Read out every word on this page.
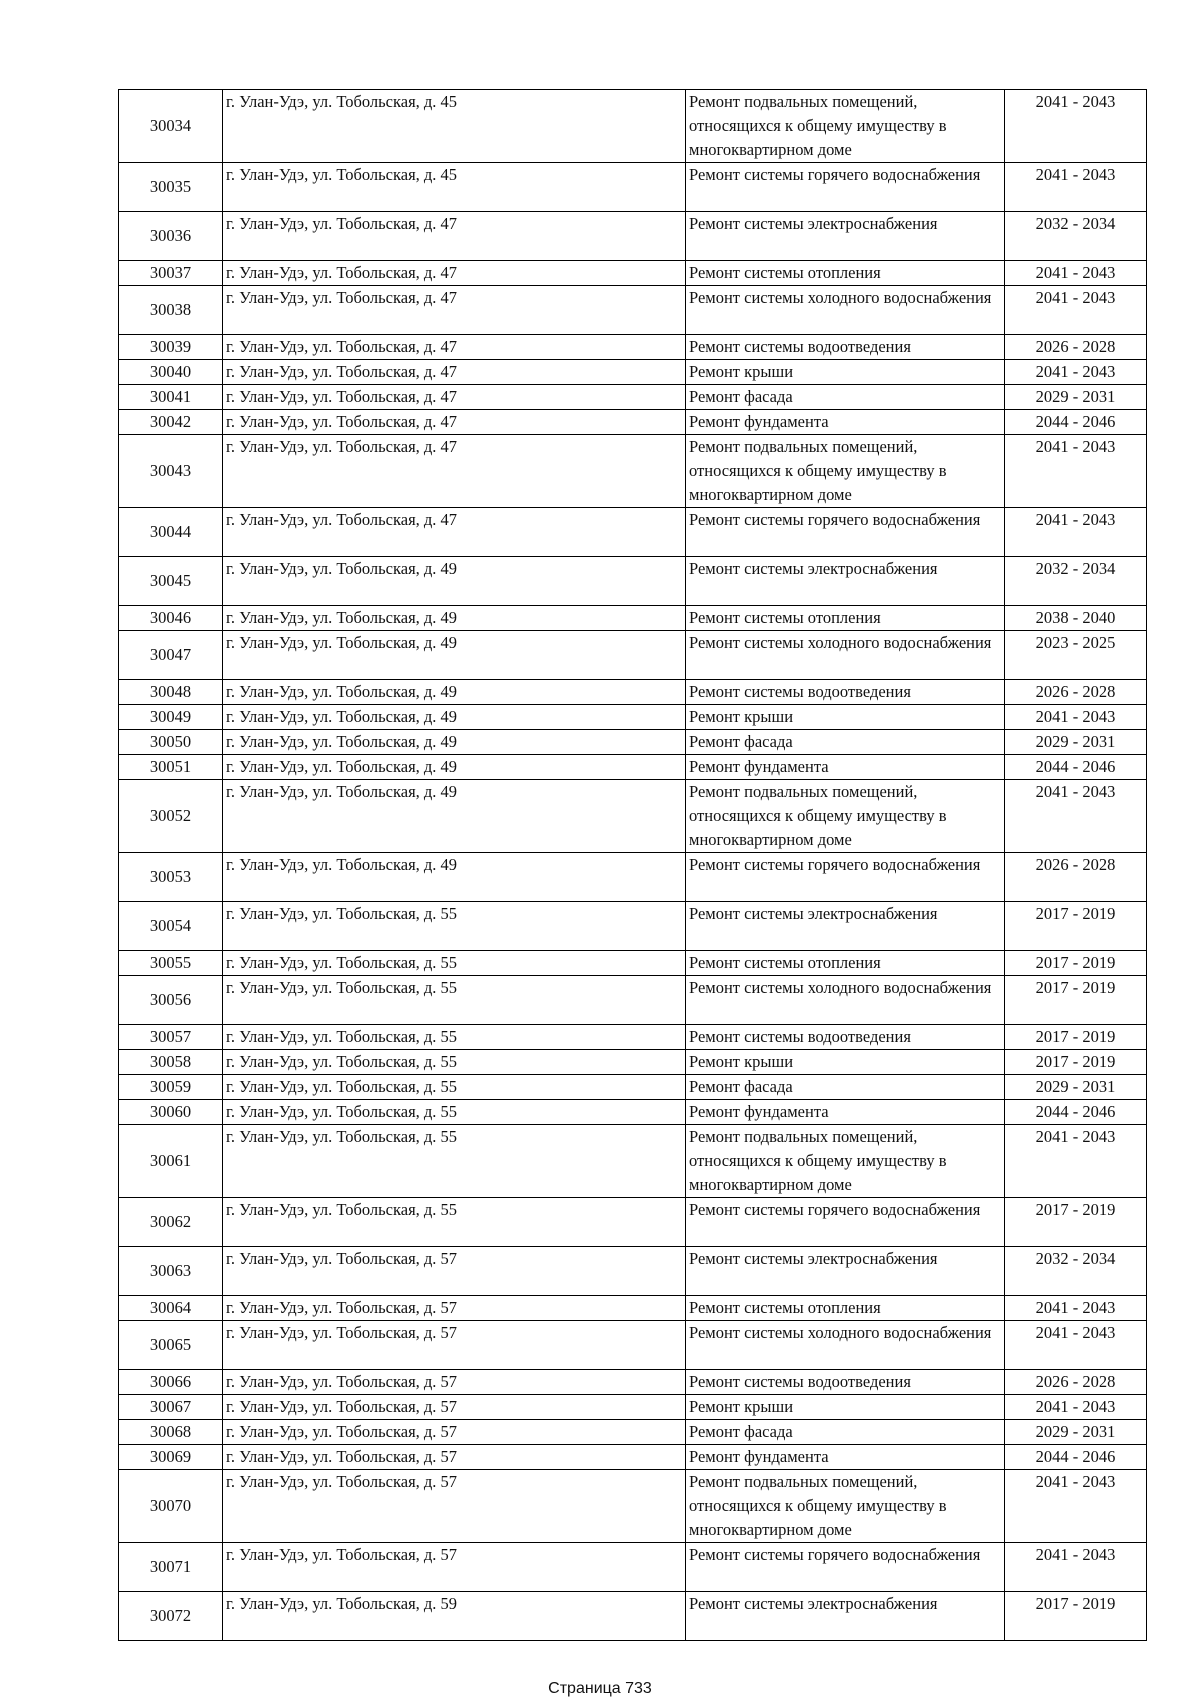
30034	г. Улан-Удэ, ул. Тобольская, д. 45	Ремонт подвальных помещений, относящихся к общему имуществу в многоквартирном доме	2041 - 2043
30035	г. Улан-Удэ, ул. Тобольская, д. 45	Ремонт системы горячего водоснабжения	2041 - 2043
30036	г. Улан-Удэ, ул. Тобольская, д. 47	Ремонт системы электроснабжения	2032 - 2034
30037	г. Улан-Удэ, ул. Тобольская, д. 47	Ремонт системы отопления	2041 - 2043
30038	г. Улан-Удэ, ул. Тобольская, д. 47	Ремонт системы холодного водоснабжения	2041 - 2043
30039	г. Улан-Удэ, ул. Тобольская, д. 47	Ремонт системы водоотведения	2026 - 2028
30040	г. Улан-Удэ, ул. Тобольская, д. 47	Ремонт крыши	2041 - 2043
30041	г. Улан-Удэ, ул. Тобольская, д. 47	Ремонт фасада	2029 - 2031
30042	г. Улан-Удэ, ул. Тобольская, д. 47	Ремонт фундамента	2044 - 2046
30043	г. Улан-Удэ, ул. Тобольская, д. 47	Ремонт подвальных помещений, относящихся к общему имуществу в многоквартирном доме	2041 - 2043
30044	г. Улан-Удэ, ул. Тобольская, д. 47	Ремонт системы горячего водоснабжения	2041 - 2043
30045	г. Улан-Удэ, ул. Тобольская, д. 49	Ремонт системы электроснабжения	2032 - 2034
30046	г. Улан-Удэ, ул. Тобольская, д. 49	Ремонт системы отопления	2038 - 2040
30047	г. Улан-Удэ, ул. Тобольская, д. 49	Ремонт системы холодного водоснабжения	2023 - 2025
30048	г. Улан-Удэ, ул. Тобольская, д. 49	Ремонт системы водоотведения	2026 - 2028
30049	г. Улан-Удэ, ул. Тобольская, д. 49	Ремонт крыши	2041 - 2043
30050	г. Улан-Удэ, ул. Тобольская, д. 49	Ремонт фасада	2029 - 2031
30051	г. Улан-Удэ, ул. Тобольская, д. 49	Ремонт фундамента	2044 - 2046
30052	г. Улан-Удэ, ул. Тобольская, д. 49	Ремонт подвальных помещений, относящихся к общему имуществу в многоквартирном доме	2041 - 2043
30053	г. Улан-Удэ, ул. Тобольская, д. 49	Ремонт системы горячего водоснабжения	2026 - 2028
30054	г. Улан-Удэ, ул. Тобольская, д. 55	Ремонт системы электроснабжения	2017 - 2019
30055	г. Улан-Удэ, ул. Тобольская, д. 55	Ремонт системы отопления	2017 - 2019
30056	г. Улан-Удэ, ул. Тобольская, д. 55	Ремонт системы холодного водоснабжения	2017 - 2019
30057	г. Улан-Удэ, ул. Тобольская, д. 55	Ремонт системы водоотведения	2017 - 2019
30058	г. Улан-Удэ, ул. Тобольская, д. 55	Ремонт крыши	2017 - 2019
30059	г. Улан-Удэ, ул. Тобольская, д. 55	Ремонт фасада	2029 - 2031
30060	г. Улан-Удэ, ул. Тобольская, д. 55	Ремонт фундамента	2044 - 2046
30061	г. Улан-Удэ, ул. Тобольская, д. 55	Ремонт подвальных помещений, относящихся к общему имуществу в многоквартирном доме	2041 - 2043
30062	г. Улан-Удэ, ул. Тобольская, д. 55	Ремонт системы горячего водоснабжения	2017 - 2019
30063	г. Улан-Удэ, ул. Тобольская, д. 57	Ремонт системы электроснабжения	2032 - 2034
30064	г. Улан-Удэ, ул. Тобольская, д. 57	Ремонт системы отопления	2041 - 2043
30065	г. Улан-Удэ, ул. Тобольская, д. 57	Ремонт системы холодного водоснабжения	2041 - 2043
30066	г. Улан-Удэ, ул. Тобольская, д. 57	Ремонт системы водоотведения	2026 - 2028
30067	г. Улан-Удэ, ул. Тобольская, д. 57	Ремонт крыши	2041 - 2043
30068	г. Улан-Удэ, ул. Тобольская, д. 57	Ремонт фасада	2029 - 2031
30069	г. Улан-Удэ, ул. Тобольская, д. 57	Ремонт фундамента	2044 - 2046
30070	г. Улан-Удэ, ул. Тобольская, д. 57	Ремонт подвальных помещений, относящихся к общему имуществу в многоквартирном доме	2041 - 2043
30071	г. Улан-Удэ, ул. Тобольская, д. 57	Ремонт системы горячего водоснабжения	2041 - 2043
30072	г. Улан-Удэ, ул. Тобольская, д. 59	Ремонт системы электроснабжения	2017 - 2019
Страница 733
